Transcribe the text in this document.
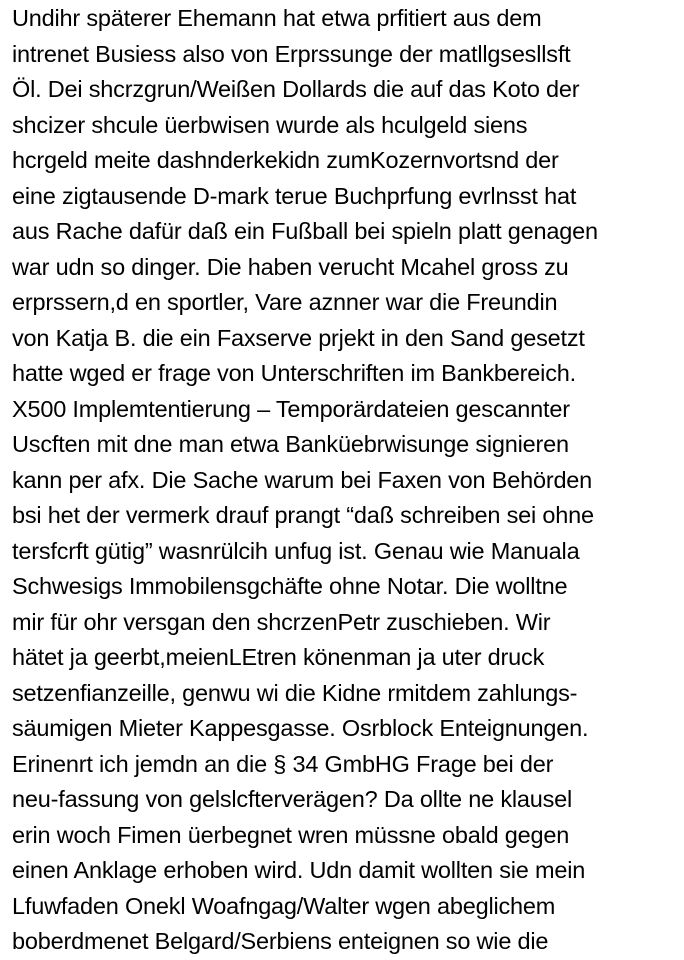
Undihr späterer Ehemann hat etwa prfitiert aus dem
intrenet Busiess also von Erprssunge der matllgsesllsft
Öl. Dei shcrzgrun/Weißen Dollards die auf das Koto der
shcizer shcule üerbwisen wurde als hculgeld siens
hcrgeld meite dashnderkekidn zumKozernvortsnd der
eine zigtausende D-mark terue Buchprfung evrlnsst hat
aus Rache dafür daß ein Fußball bei spieln platt genagen
war udn so dinger. Die haben verucht Mcahel gross zu
erprssern,d en sportler, Vare aznner war die Freundin
von Katja B. die ein Faxserve prjekt in den Sand gesetzt
hatte wged er frage von Unterschriften im Bankbereich.
X500 Implemtentierung – Temporärdateien gescannter
Uscften mit dne man etwa Banküebrwisunge signieren
kann per afx. Die Sache warum bei Faxen von Behörden
bsi het der vermerk drauf prangt “daß schreiben sei ohne
tersfcrft gütig” wasnrülcih unfug ist. Genau wie Manuala
Schwesigs Immobilensgchäfte ohne Notar. Die wolltne
mir für ohr versgan den shcrzenPetr zuschieben. Wir
hätet ja geerbt,meienLEtren könenman ja uter druck
setzenfianzeille, genwu wi die Kidne rmitdem zahlungs-
säumigen Mieter Kappesgasse. Osrblock Enteignungen.
Erinenrt ich jemdn an die § 34 GmbHG Frage bei der
neu-fassung von gelslcfterverägen? Da ollte ne klausel
erin woch Fimen üerbegnet wren müssne obald gegen
einen Anklage erhoben wird. Udn damit wollten sie mein
Lfuwfaden Onekl Woafngag/Walter wgen abeglichem
boberdmenet Belgard/Serbiens enteignen so wie die
